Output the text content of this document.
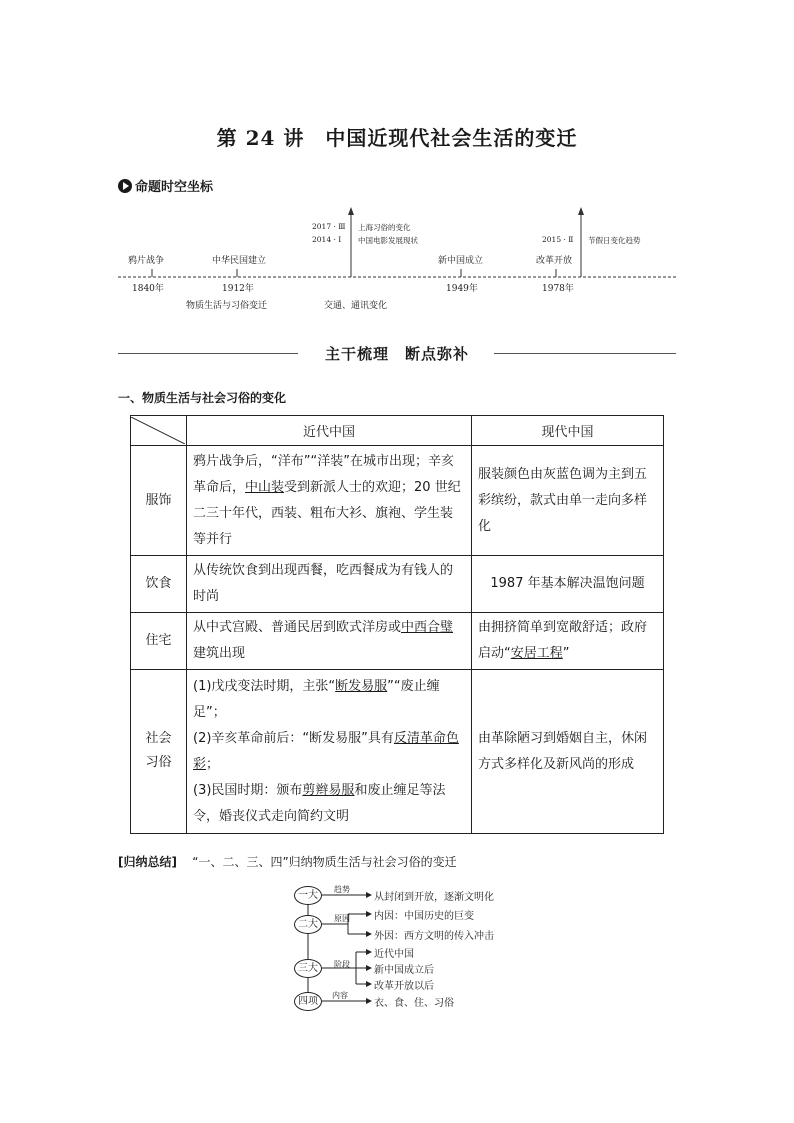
第 24 讲　中国近现代社会生活的变迁
命题时空坐标
鸦片战争	中华民国建立	新中国成立	改革开放
1840年	1912年	1949年	1978年
物质生活与习俗变迁	交通、通讯变化
2017 · Ⅲ
2014 · Ⅰ
上海习俗的变化
中国电影发展现状	2015 · Ⅱ 节假日变化趋势
主干梳理　断点弥补
一、物质生活与社会习俗的变化
	近代中国	现代中国
服饰	鸦片战争后，“洋布”“洋装”在城市出现；辛亥革命后，中山装受到新派人士的欢迎；20 世纪二三十年代，西装、粗布大衫、旗袍、学生装等并行	服装颜色由灰蓝色调为主到五彩缤纷，款式由单一走向多样化
饮食	从传统饮食到出现西餐，吃西餐成为有钱人的时尚	1987 年基本解决温饱问题
住宅	从中式宫殿、普通民居到欧式洋房或中西合璧建筑出现	由拥挤简单到宽敞舒适；政府启动“安居工程”
社会习俗	(1)戊戌变法时期，主张“断发易服”“废止缠足”；
(2)辛亥革命前后：“断发易服”具有反清革命色彩；
(3)民国时期：颁布剪辫易服和废止缠足等法令，婚丧仪式走向简约文明	由革除陋习到婚姻自主，休闲方式多样化及新风尚的形成
[归纳总结] “一、二、三、四”归纳物质生活与社会习俗的变迁
一大
二大
三大
四项
趋势
原因
阶段
内容
从封闭到开放，逐渐文明化
内因：中国历史的巨变
外因：西方文明的传入冲击
近代中国
新中国成立后
改革开放以后
衣、食、住、习俗
